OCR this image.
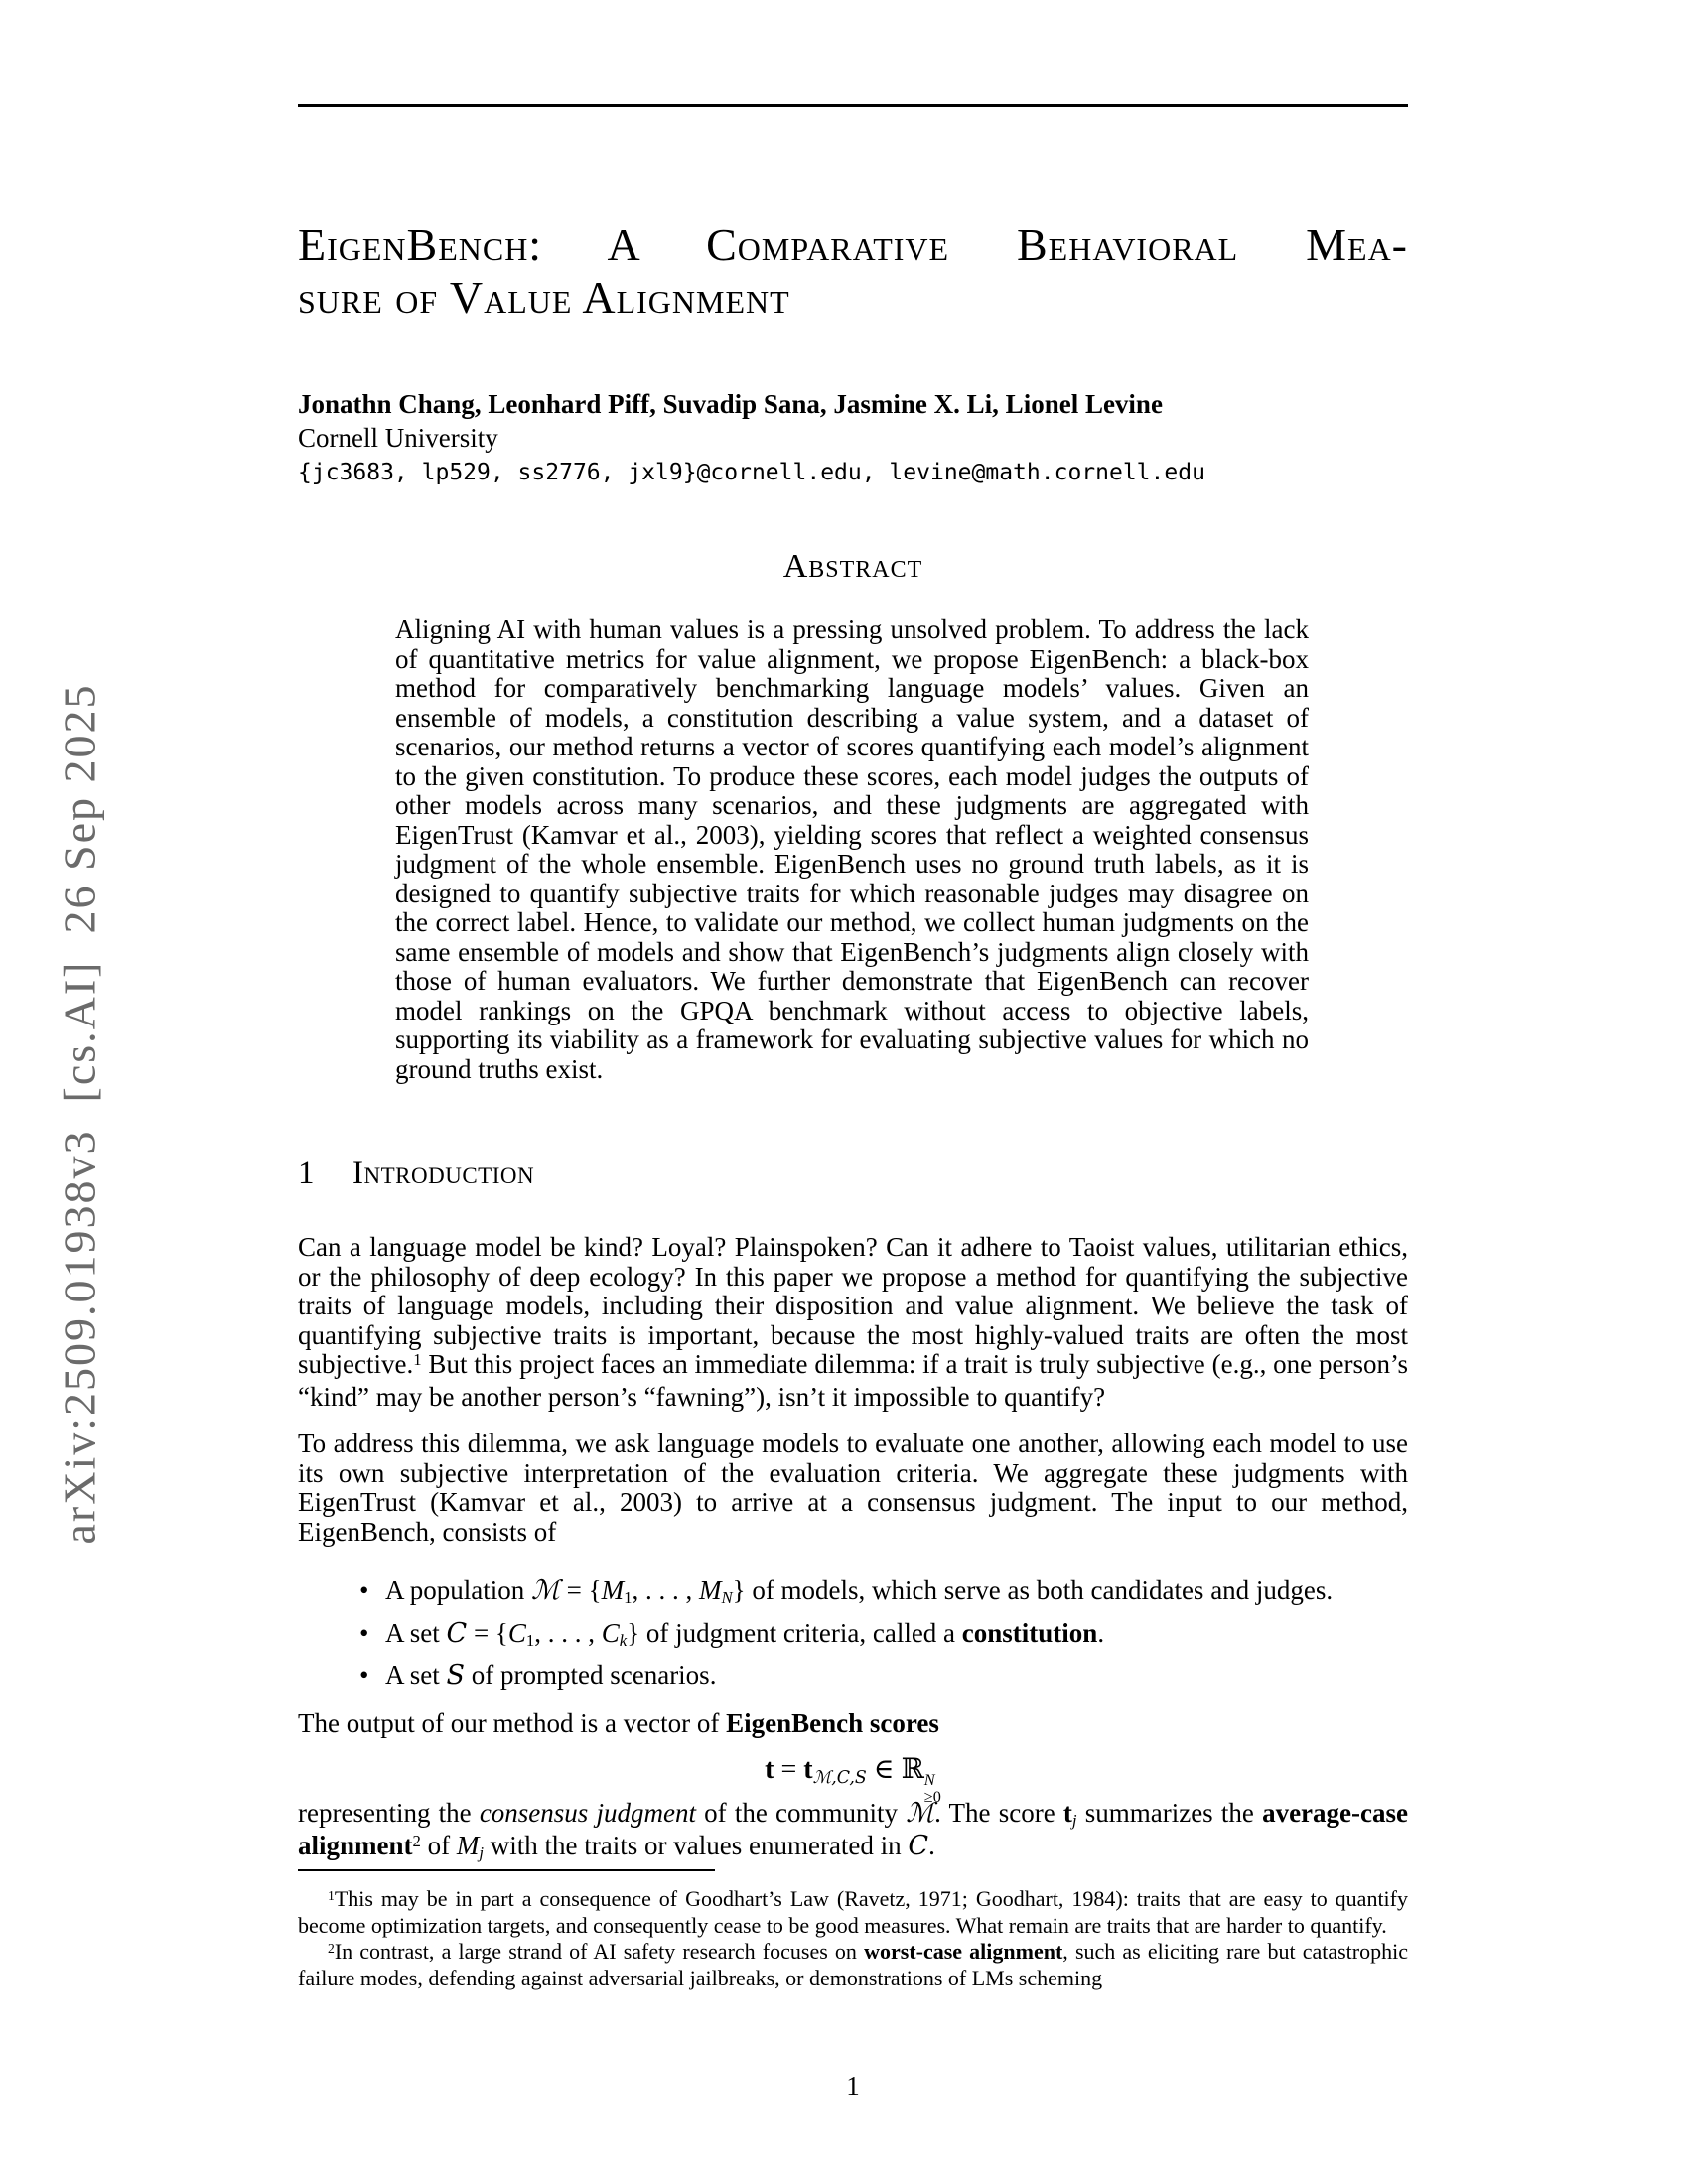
arXiv:2509.01938v3  [cs.AI]  26 Sep 2025
EigenBench: A Comparative Behavioral Mea-
sure of Value Alignment
Jonathn Chang, Leonhard Piff, Suvadip Sana, Jasmine X. Li, Lionel Levine
Cornell University
{jc3683, lp529, ss2776, jxl9}@cornell.edu, levine@math.cornell.edu
Abstract

Aligning AI with human values is a pressing unsolved problem. To address the lack of quantitative metrics for value alignment, we propose EigenBench: a black-box method for comparatively benchmarking language models’ values. Given an ensemble of models, a constitution describing a value system, and a dataset of scenarios, our method returns a vector of scores quantifying each model’s alignment to the given constitution. To produce these scores, each model judges the outputs of other models across many scenarios, and these judgments are aggregated with EigenTrust (Kamvar et al., 2003), yielding scores that reflect a weighted consensus judgment of the whole ensemble. EigenBench uses no ground truth labels, as it is designed to quantify subjective traits for which reasonable judges may disagree on the correct label. Hence, to validate our method, we collect human judgments on the same ensemble of models and show that EigenBench’s judgments align closely with those of human evaluators. We further demonstrate that EigenBench can recover model rankings on the GPQA benchmark without access to objective labels, supporting its viability as a framework for evaluating subjective values for which no ground truths exist.

1 Introduction

Can a language model be kind? Loyal? Plainspoken? Can it adhere to Taoist values, utilitarian ethics, or the philosophy of deep ecology? In this paper we propose a method for quantifying the subjective traits of language models, including their disposition and value alignment. We believe the task of quantifying subjective traits is important, because the most highly-valued traits are often the most subjective.$^1$ But this project faces an immediate dilemma: if a trait is truly subjective (e.g., one person’s “kind” may be another person’s “fawning”), isn’t it impossible to quantify?

To address this dilemma, we ask language models to evaluate one another, allowing each model to use its own subjective interpretation of the evaluation criteria. We aggregate these judgments with EigenTrust (Kamvar et al., 2003) to arrive at a consensus judgment. The input to our method, EigenBench, consists of

• A population ℳ = {M1, . . . , MN} of models, which serve as both candidates and judges.
• A set C = {C1, . . . , Ck} of judgment criteria, called a constitution.
• A set S of prompted scenarios.

The output of our method is a vector of EigenBench scores

t = tℳ,C,S ∈ ℝ N
≥0

representing the consensus judgment of the community ℳ. The score tj summarizes the average-case alignment$^2$ of Mj with the traits or values enumerated in C.

$^1$This may be in part a consequence of Goodhart’s Law (Ravetz, 1971; Goodhart, 1984): traits that are easy to quantify become optimization targets, and consequently cease to be good measures. What remain are traits that are harder to quantify.

$^2$In contrast, a large strand of AI safety research focuses on worst-case alignment, such as eliciting rare but catastrophic failure modes, defending against adversarial jailbreaks, or demonstrations of LMs scheming

1
